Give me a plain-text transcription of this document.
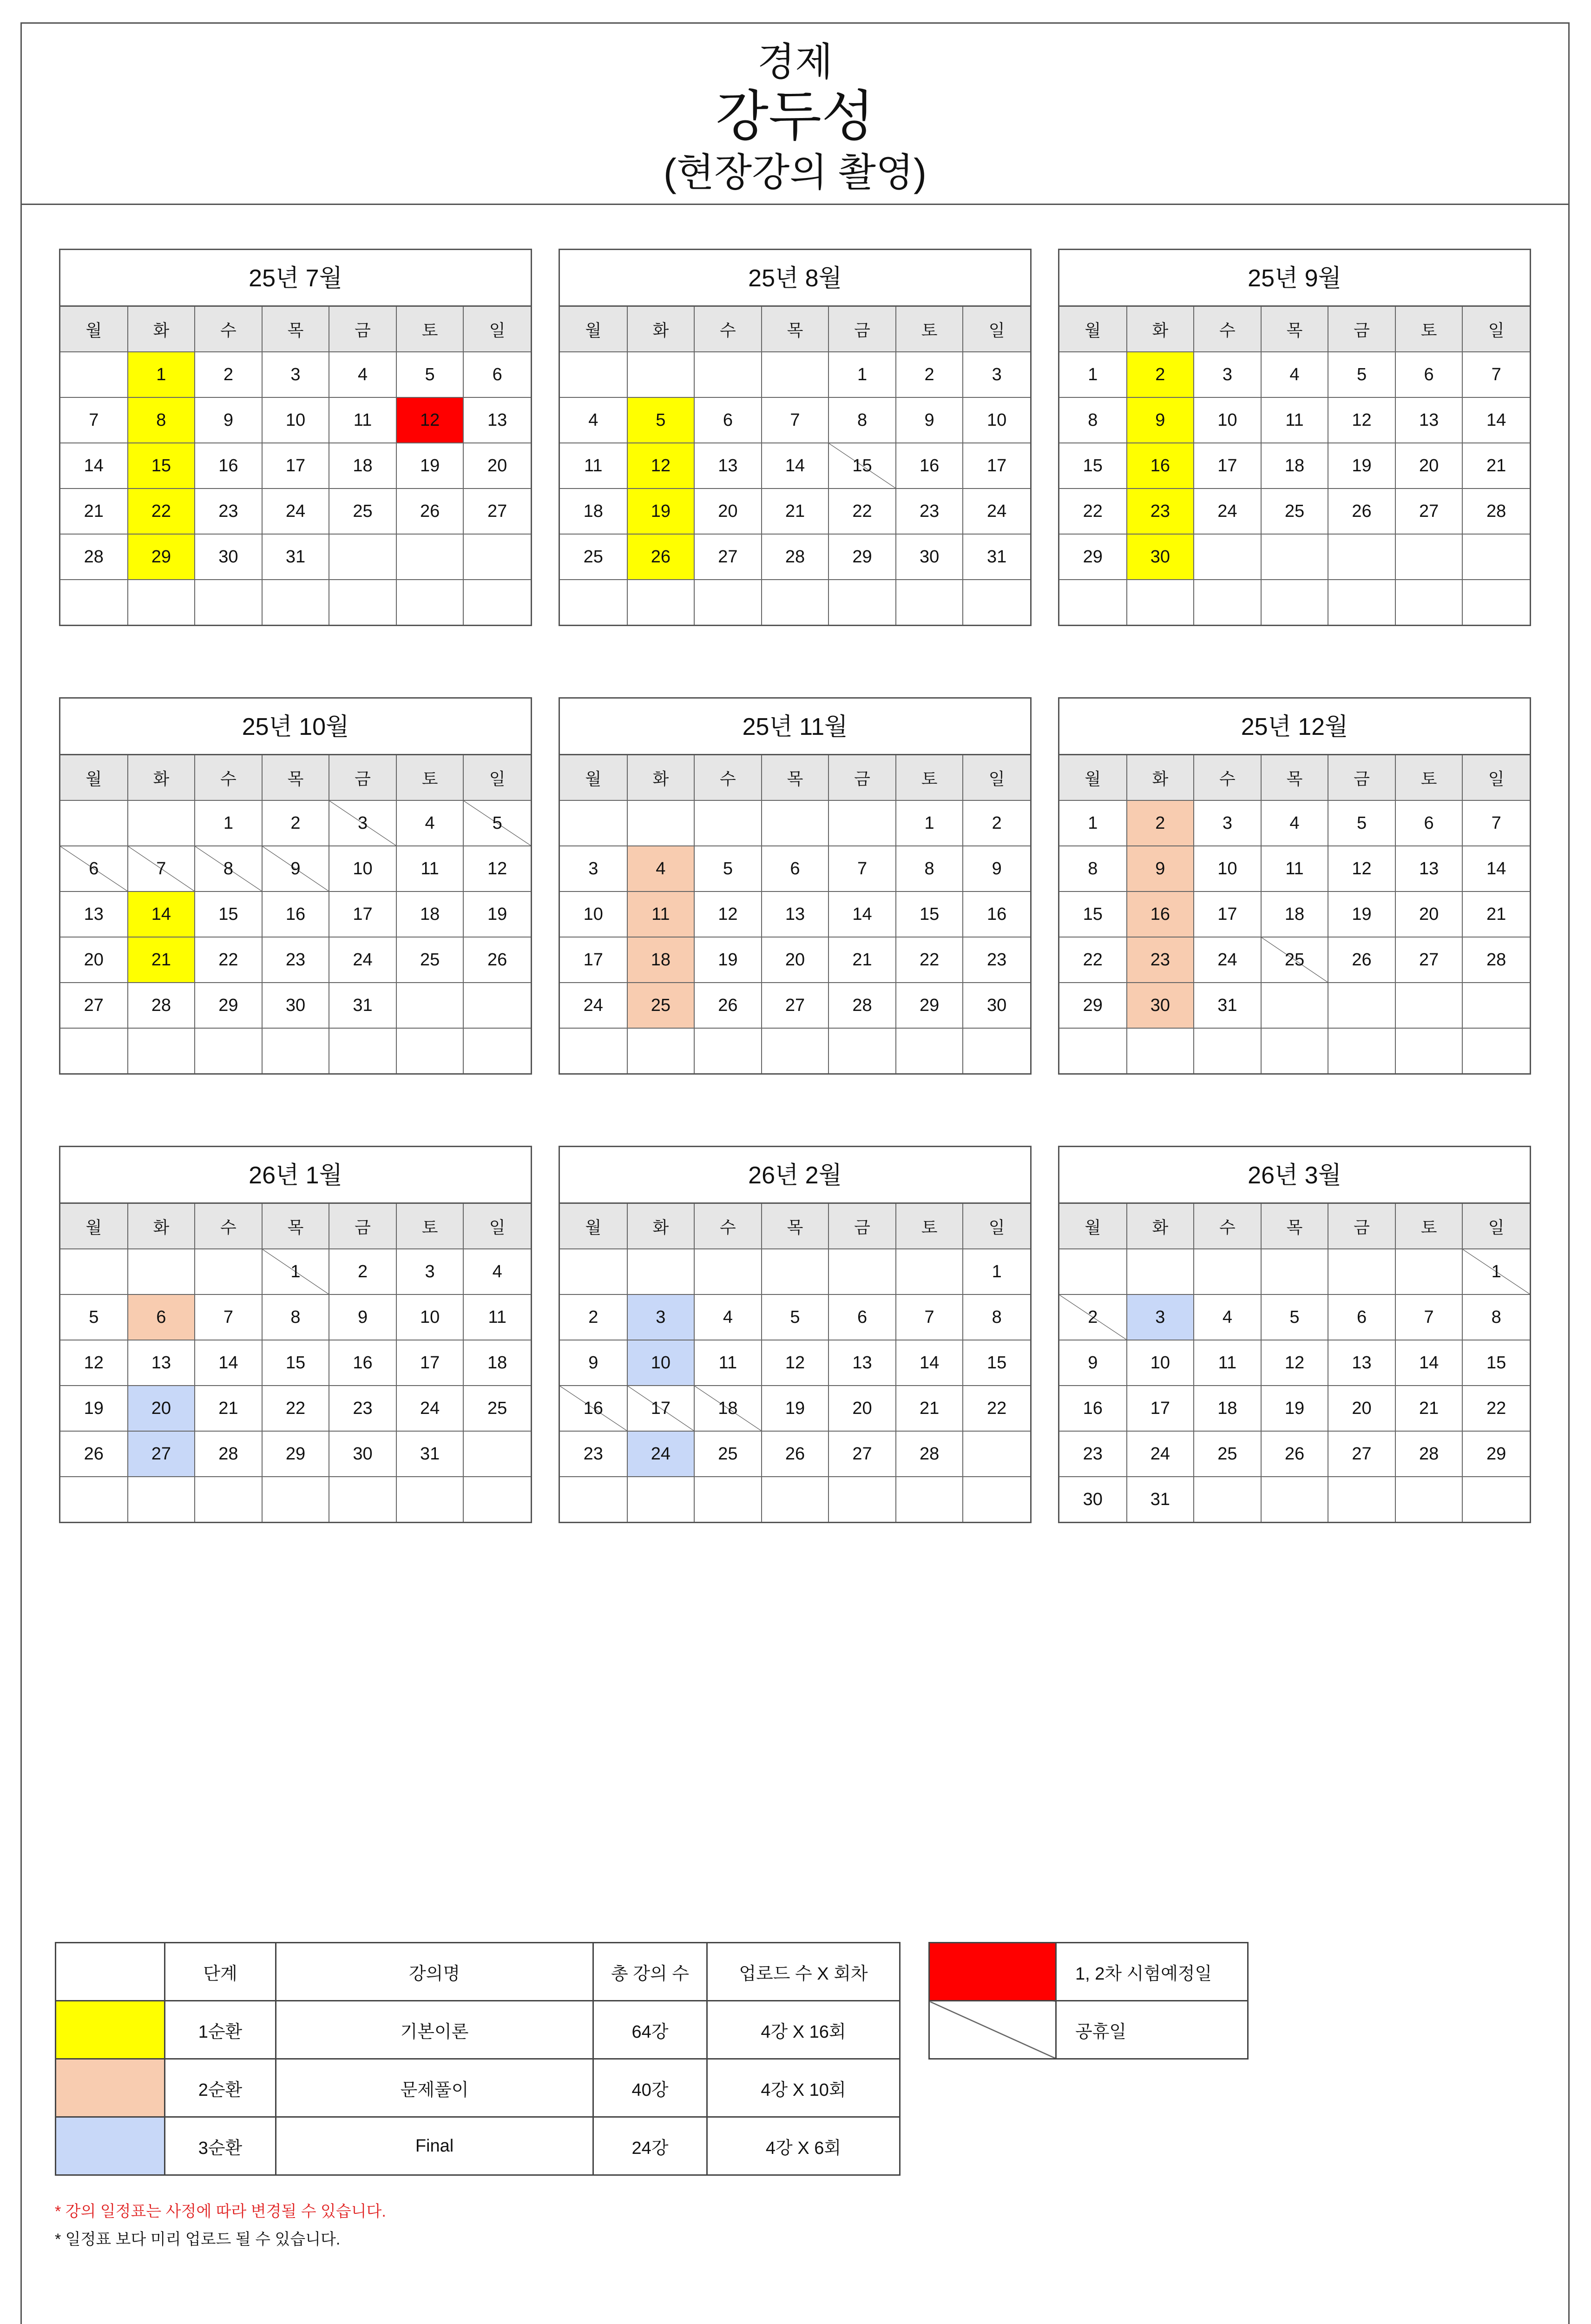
경제
강두성
(현장강의 촬영)
25년 7월
월	화	수	목	금	토	일
	1	2	3	4	5	6
7	8	9	10	11	12	13
14	15	16	17	18	19	20
21	22	23	24	25	26	27
28	29	30	31			

25년 8월
월	화	수	목	금	토	일
				1	2	3
4	5	6	7	8	9	10
11	12	13	14	15	16	17
18	19	20	21	22	23	24
25	26	27	28	29	30	31

25년 9월
월	화	수	목	금	토	일
1	2	3	4	5	6	7
8	9	10	11	12	13	14
15	16	17	18	19	20	21
22	23	24	25	26	27	28
29	30					

25년 10월
월	화	수	목	금	토	일
		1	2	3	4	5
6	7	8	9	10	11	12
13	14	15	16	17	18	19
20	21	22	23	24	25	26
27	28	29	30	31		

25년 11월
월	화	수	목	금	토	일
					1	2
3	4	5	6	7	8	9
10	11	12	13	14	15	16
17	18	19	20	21	22	23
24	25	26	27	28	29	30

25년 12월
월	화	수	목	금	토	일
1	2	3	4	5	6	7
8	9	10	11	12	13	14
15	16	17	18	19	20	21
22	23	24	25	26	27	28
29	30	31				

26년 1월
월	화	수	목	금	토	일
			1	2	3	4
5	6	7	8	9	10	11
12	13	14	15	16	17	18
19	20	21	22	23	24	25
26	27	28	29	30	31	

26년 2월
월	화	수	목	금	토	일
						1
2	3	4	5	6	7	8
9	10	11	12	13	14	15
16	17	18	19	20	21	22
23	24	25	26	27	28	

26년 3월
월	화	수	목	금	토	일
						1
2	3	4	5	6	7	8
9	10	11	12	13	14	15
16	17	18	19	20	21	22
23	24	25	26	27	28	29
30	31					
	단계	강의명	총 강의 수	업로드 수 X 회차
	1순환	기본이론	64강	4강 X 16회
	2순환	문제풀이	40강	4강 X 10회
	3순환	Final	24강	4강 X 6회
	1, 2차 시험예정일
	공휴일
* 강의 일정표는 사정에 따라 변경될 수 있습니다.
* 일정표 보다 미리 업로드 될 수 있습니다.
